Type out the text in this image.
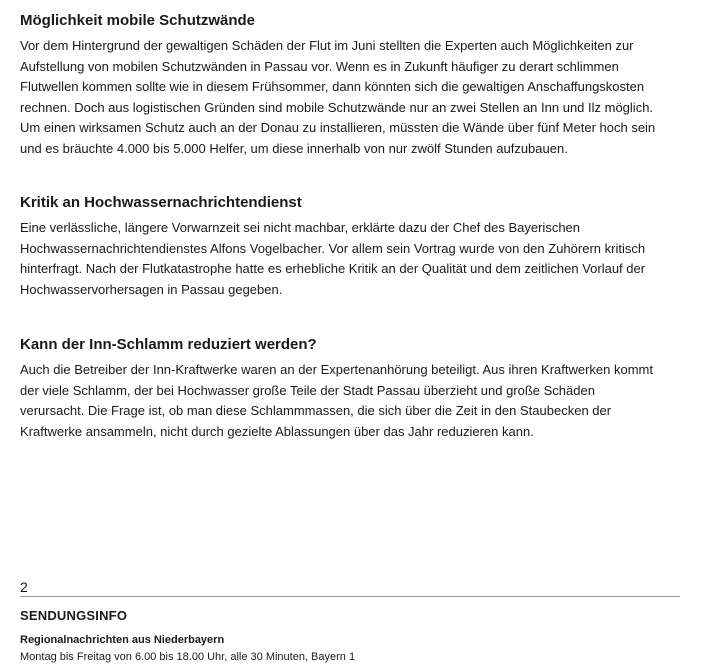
Möglichkeit mobile Schutzwände

Vor dem Hintergrund der gewaltigen Schäden der Flut im Juni stellten die Experten auch Möglichkeiten zur
Aufstellung von mobilen Schutzwänden in Passau vor. Wenn es in Zukunft häufiger zu derart schlimmen
Flutwellen kommen sollte wie in diesem Frühsommer, dann könnten sich die gewaltigen Anschaffungskosten
rechnen. Doch aus logistischen Gründen sind mobile Schutzwände nur an zwei Stellen an Inn und Ilz möglich.
Um einen wirksamen Schutz auch an der Donau zu installieren, müssten die Wände über fünf Meter hoch sein
und es bräuchte 4.000 bis 5.000 Helfer, um diese innerhalb von nur zwölf Stunden aufzubauen.

Kritik an Hochwassernachrichtendienst

Eine verlässliche, längere Vorwarnzeit sei nicht machbar, erklärte dazu der Chef des Bayerischen
Hochwassernachrichtendienstes Alfons Vogelbacher. Vor allem sein Vortrag wurde von den Zuhörern kritisch
hinterfragt. Nach der Flutkatastrophe hatte es erhebliche Kritik an der Qualität und dem zeitlichen Vorlauf der
Hochwasservorhersagen in Passau gegeben.

Kann der Inn-Schlamm reduziert werden?

Auch die Betreiber der Inn-Kraftwerke waren an der Expertenanhörung beteiligt. Aus ihren Kraftwerken kommt
der viele Schlamm, der bei Hochwasser große Teile der Stadt Passau überzieht und große Schäden
verursacht. Die Frage ist, ob man diese Schlammmassen, die sich über die Zeit in den Staubecken der
Kraftwerke ansammeln, nicht durch gezielte Ablassungen über das Jahr reduzieren kann.

2
SENDUNGSINFO
Regionalnachrichten aus Niederbayern
Montag bis Freitag von 6.00 bis 18.00 Uhr, alle 30 Minuten, Bayern 1
